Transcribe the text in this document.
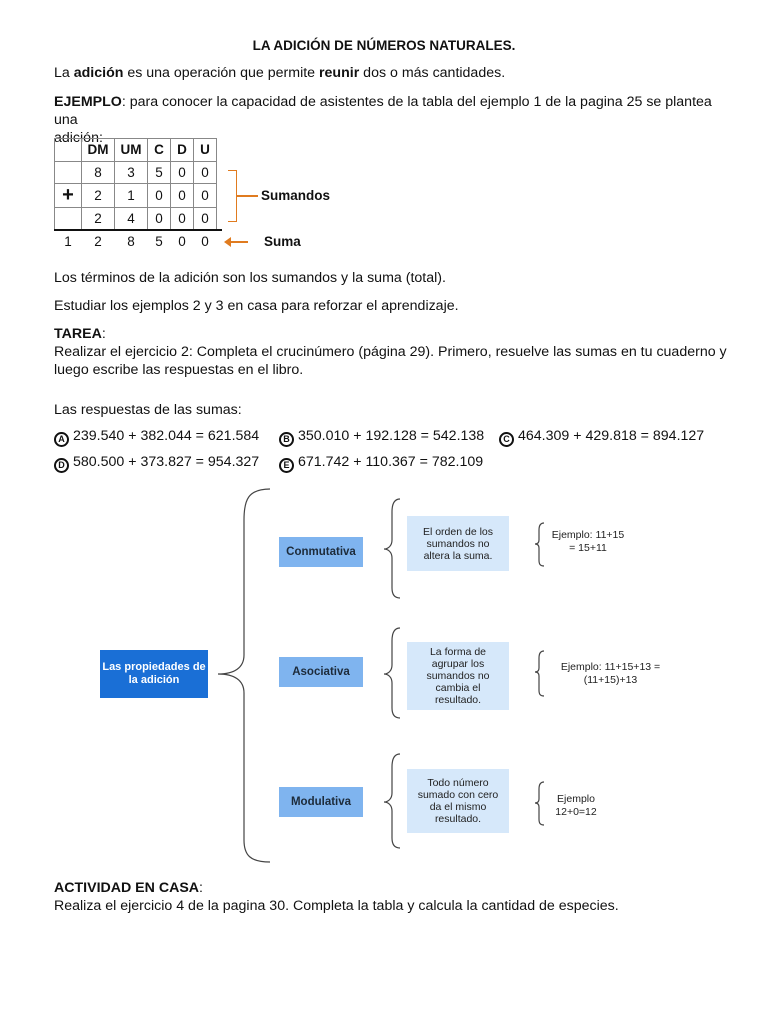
LA ADICIÓN DE NÚMEROS NATURALES.
La adición es una operación que permite reunir dos o más cantidades.
EJEMPLO: para conocer la capacidad de asistentes de la tabla del ejemplo 1 de la pagina 25 se plantea una
adición:
	DM	UM	C	D	U
	8	3	5	0	0
+	2	1	0	0	0
	2	4	0	0	0
1	2	8	5	0	0
Sumandos
Suma
Los términos de la adición son los sumandos y la suma (total).
Estudiar los ejemplos 2 y 3 en casa para reforzar el aprendizaje.
TAREA:
Realizar el ejercicio 2: Completa el crucinúmero (página 29). Primero, resuelve las sumas en tu cuaderno y
luego escribe las respuestas en el libro.
Las respuestas de las sumas:
A 239.540 + 382.044 = 621.584	B 350.010 + 192.128 = 542.138	C 464.309 + 429.818 = 894.127
D 580.500 + 373.827 = 954.327	E 671.742 + 110.367 = 782.109
Las propiedades de la adición
Conmutativa
Asociativa
Modulativa
El orden de los sumandos no altera la suma.
La forma de agrupar los sumandos no cambia el resultado.
Todo número sumado con cero da el mismo resultado.
Ejemplo: 11+15 = 15+11
Ejemplo: 11+15+13 = (11+15)+13
Ejemplo 12+0=12
ACTIVIDAD EN CASA:
Realiza el ejercicio 4 de la pagina 30. Completa la tabla y calcula la cantidad de especies.
